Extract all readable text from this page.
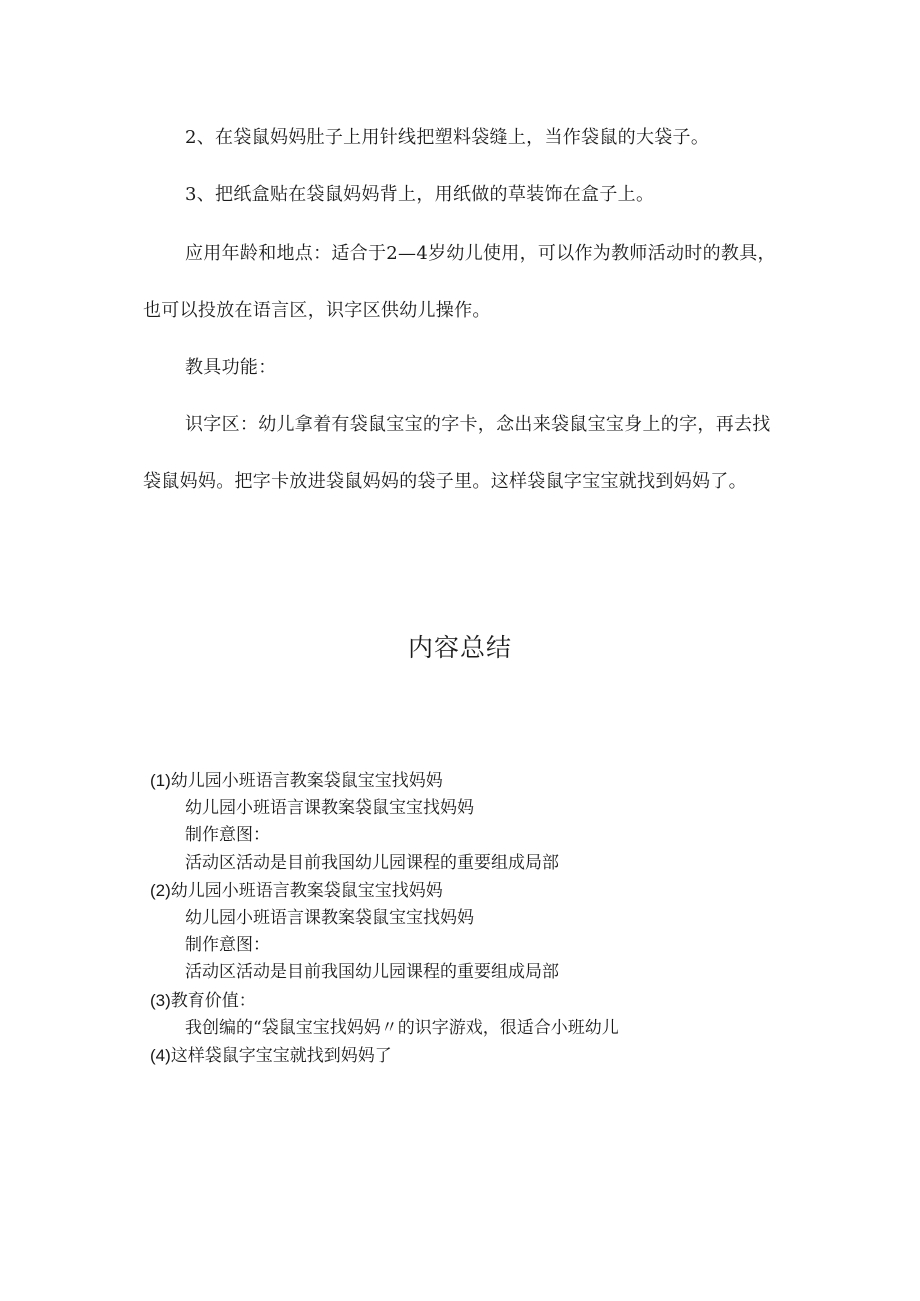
2、在袋鼠妈妈肚子上用针线把塑料袋缝上，当作袋鼠的大袋子。
3、把纸盒贴在袋鼠妈妈背上，用纸做的草装饰在盒子上。
应用年龄和地点：适合于2—4岁幼儿使用，可以作为教师活动时的教具，
也可以投放在语言区，识字区供幼儿操作。
教具功能：
识字区：幼儿拿着有袋鼠宝宝的字卡，念出来袋鼠宝宝身上的字，再去找
袋鼠妈妈。把字卡放进袋鼠妈妈的袋子里。这样袋鼠字宝宝就找到妈妈了。
内容总结
(1)幼儿园小班语言教案袋鼠宝宝找妈妈
幼儿园小班语言课教案袋鼠宝宝找妈妈
制作意图：
活动区活动是目前我国幼儿园课程的重要组成局部
(2)幼儿园小班语言教案袋鼠宝宝找妈妈
幼儿园小班语言课教案袋鼠宝宝找妈妈
制作意图：
活动区活动是目前我国幼儿园课程的重要组成局部
(3)教育价值：
我创编的“袋鼠宝宝找妈妈〃的识字游戏，很适合小班幼儿
(4)这样袋鼠字宝宝就找到妈妈了
